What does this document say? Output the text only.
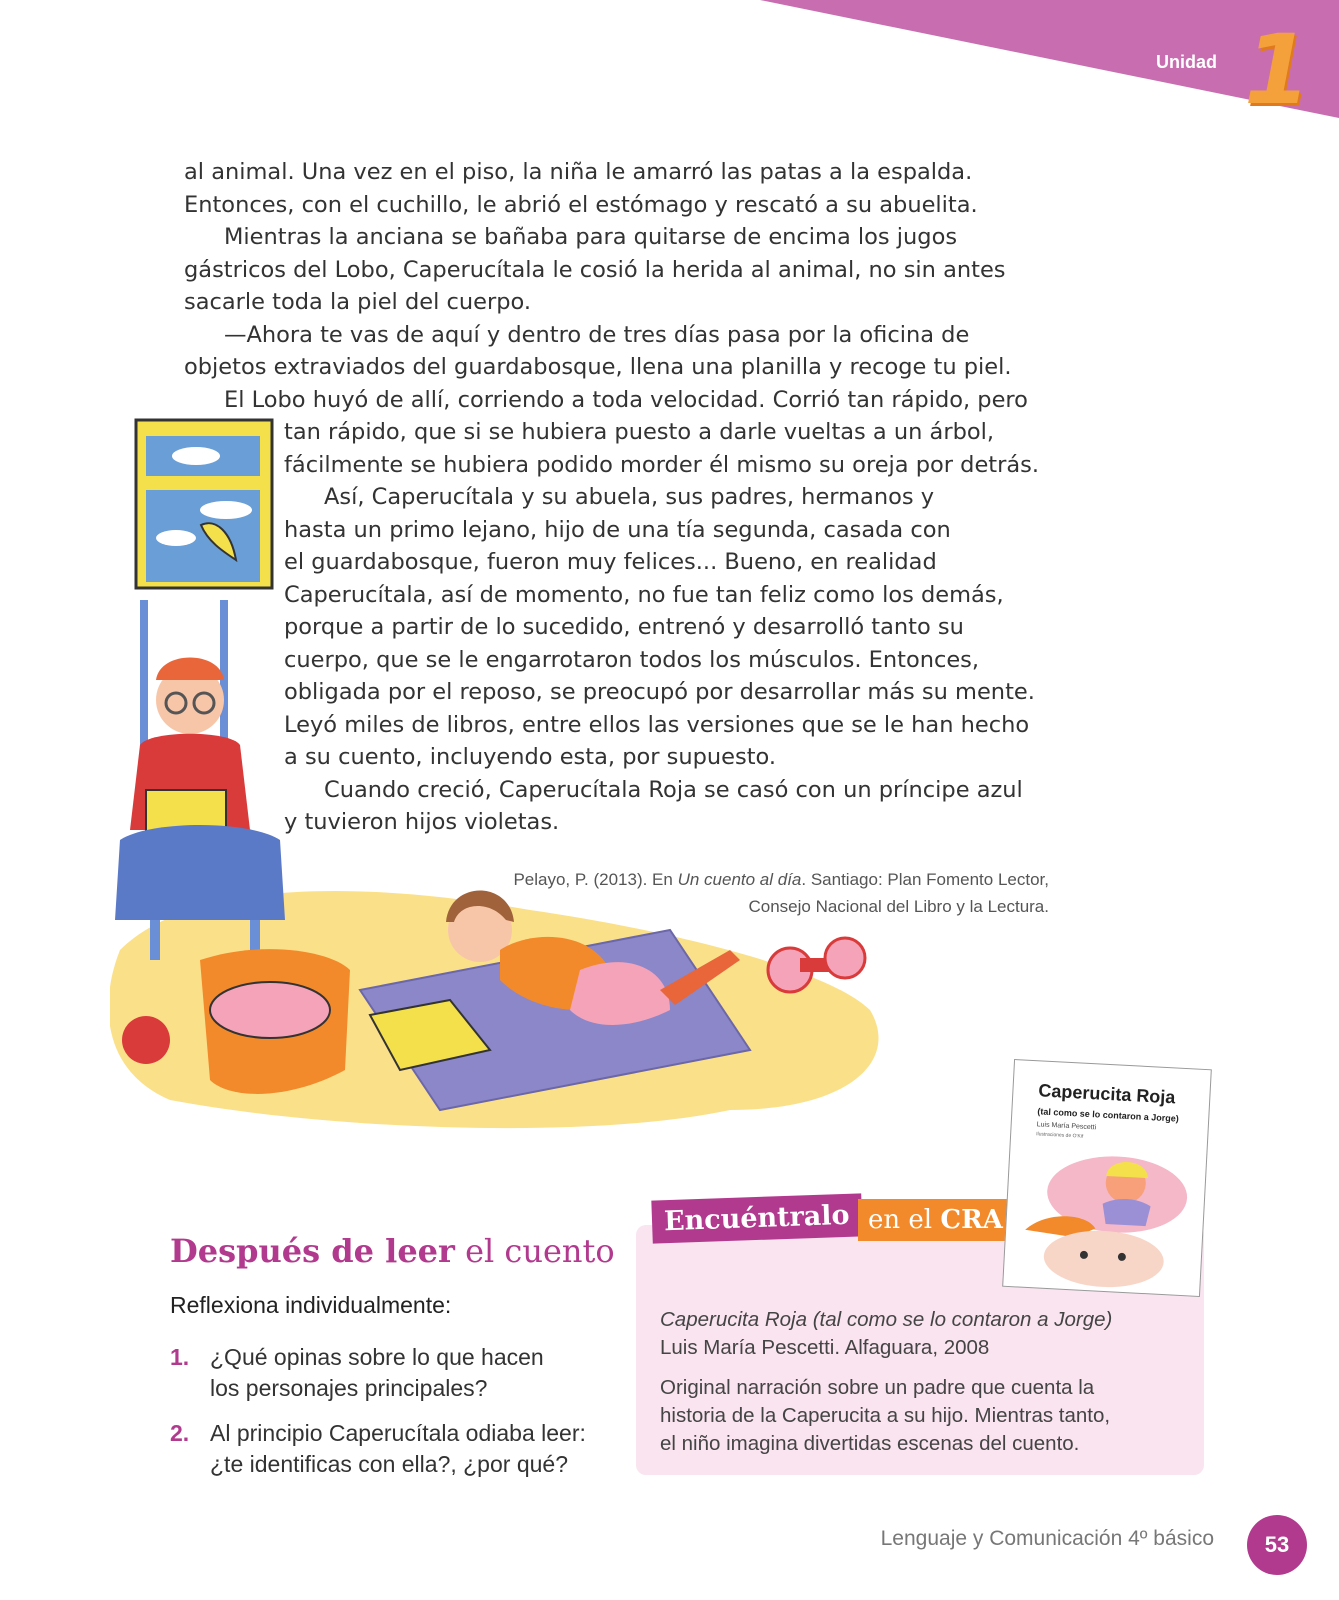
Unidad 1

al animal. Una vez en el piso, la niña le amarró las patas a la espalda.

Entonces, con el cuchillo, le abrió el estómago y rescató a su abuelita.

Mientras la anciana se bañaba para quitarse de encima los jugos

gástricos del Lobo, Caperucítala le cosió la herida al animal, no sin antes

sacarle toda la piel del cuerpo.

—Ahora te vas de aquí y dentro de tres días pasa por la oficina de

objetos extraviados del guardabosque, llena una planilla y recoge tu piel.

El Lobo huyó de allí, corriendo a toda velocidad. Corrió tan rápido, pero

tan rápido, que si se hubiera puesto a darle vueltas a un árbol,

fácilmente se hubiera podido morder él mismo su oreja por detrás.

Así, Caperucítala y su abuela, sus padres, hermanos y

hasta un primo lejano, hijo de una tía segunda, casada con

el guardabosque, fueron muy felices... Bueno, en realidad

Caperucítala, así de momento, no fue tan feliz como los demás,

porque a partir de lo sucedido, entrenó y desarrolló tanto su

cuerpo, que se le engarrotaron todos los músculos. Entonces,

obligada por el reposo, se preocupó por desarrollar más su mente.

Leyó miles de libros, entre ellos las versiones que se le han hecho

a su cuento, incluyendo esta, por supuesto.

Cuando creció, Caperucítala Roja se casó con un príncipe azul

y tuvieron hijos violetas.

Pelayo, P. (2013). En Un cuento al día. Santiago: Plan Fomento Lector,
Consejo Nacional del Libro y la Lectura.
Después de leer el cuento
Reflexiona individualmente:
1. ¿Qué opinas sobre lo que hacen
los personajes principales?
2. Al principio Caperucítala odiaba leer:
¿te identificas con ella?, ¿por qué?
Encuéntralo en el CRA
Caperucita Roja (tal como se lo contaron a Jorge)
Luis María Pescetti. Alfaguara, 2008
Original narración sobre un padre que cuenta la
historia de la Caperucita a su hijo. Mientras tanto,
el niño imagina divertidas escenas del cuento.
Caperucita Roja
(tal como se lo contaron a Jorge)
Luis María Pescetti
Ilustraciones de O'Kif
Lenguaje y Comunicación 4º básico	53
